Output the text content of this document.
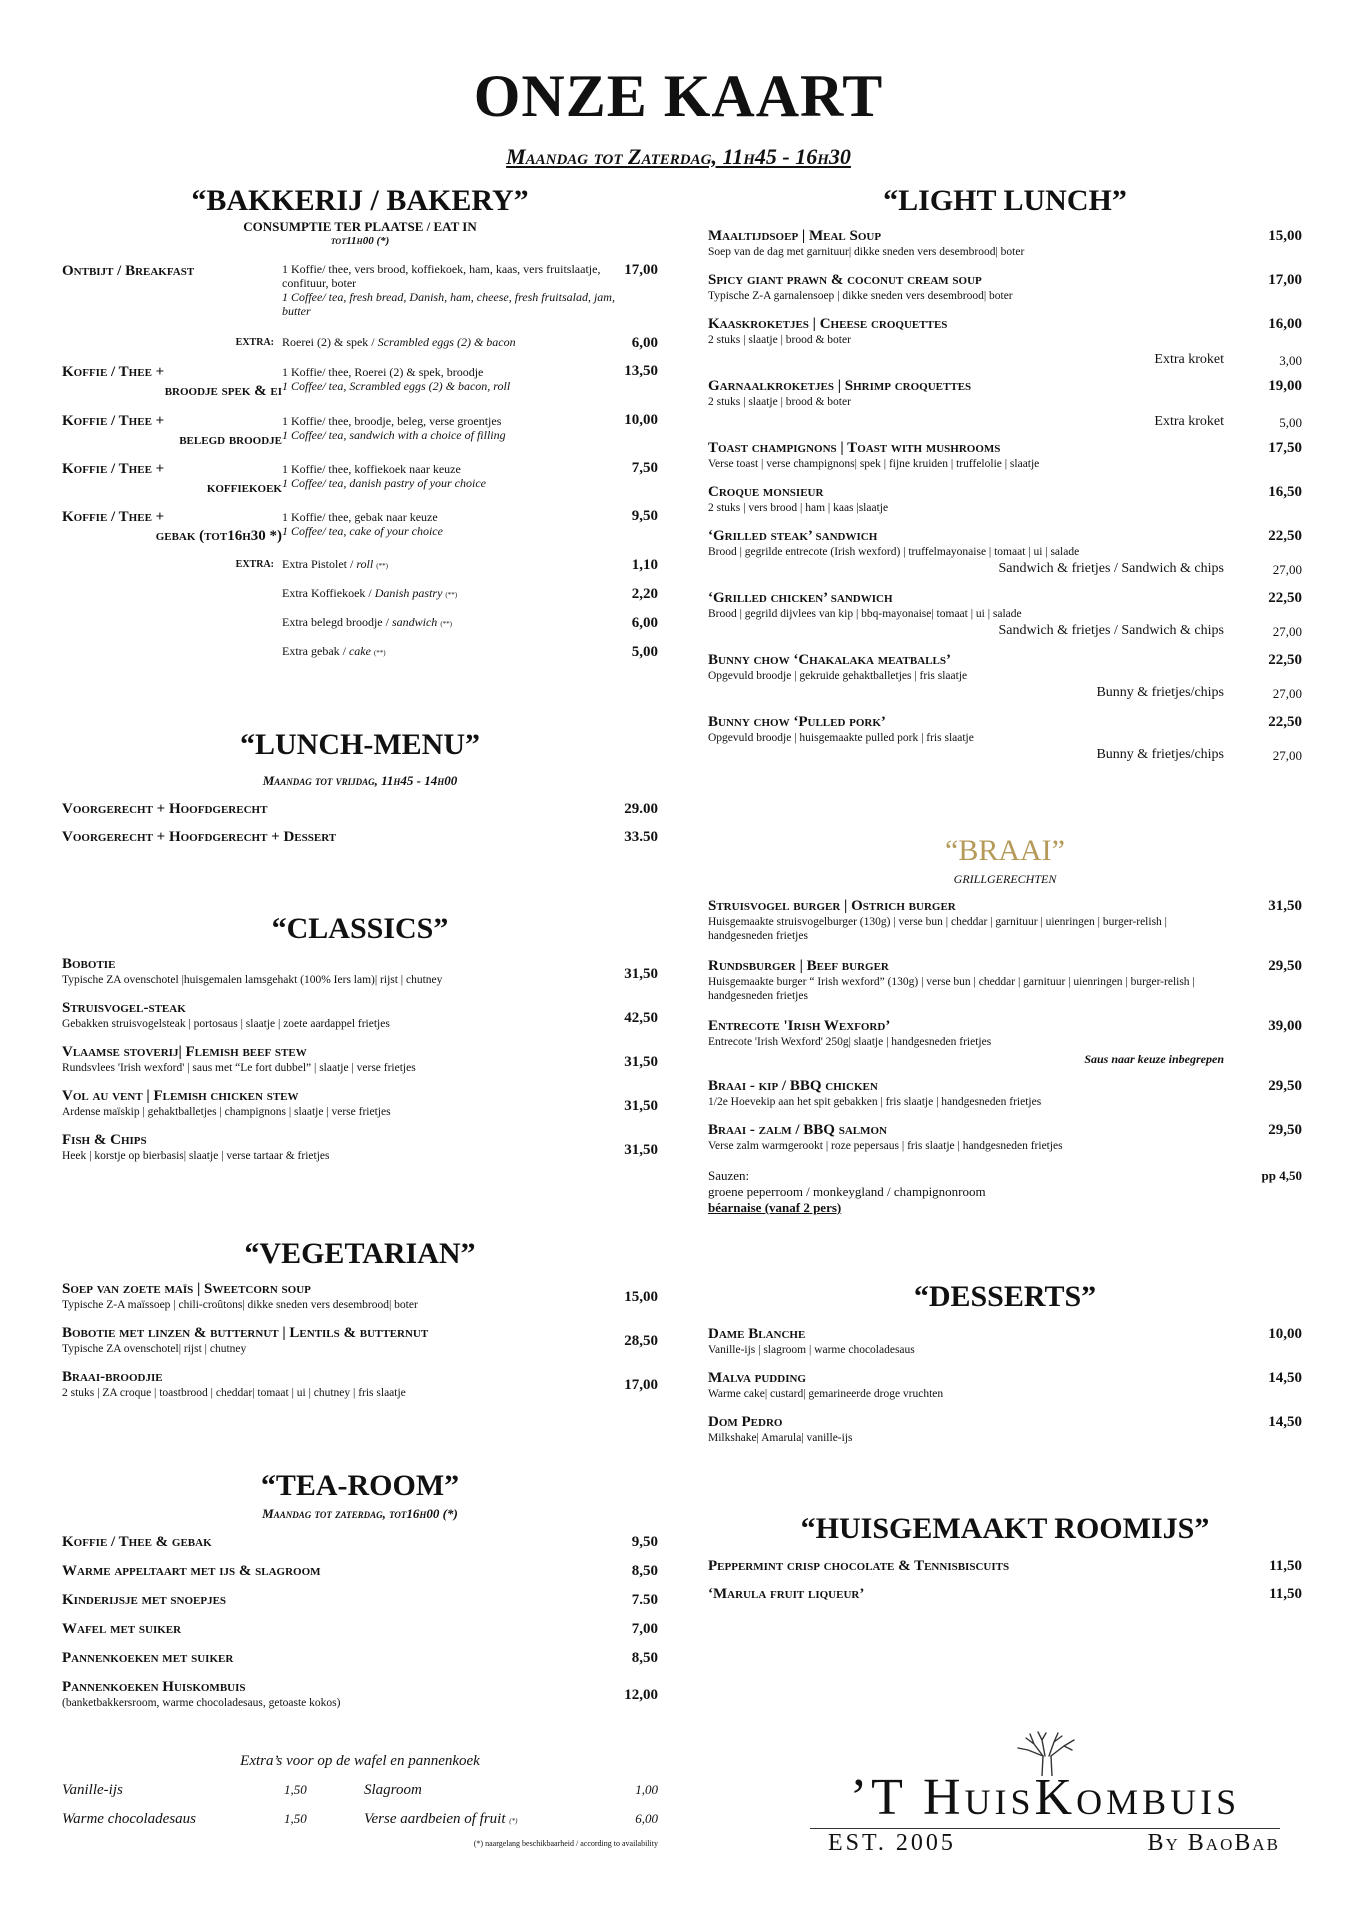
ONZE KAART
Maandag tot Zaterdag, 11h45 - 16h30
“BAKKERIJ / BAKERY”
CONSUMPTIE TER PLAATSE / EAT IN
tot11h00 (*)
Ontbijt / Breakfast	1 Koffie/ thee, vers brood, koffiekoek, ham, kaas, vers fruitslaatje, confituur, boter
1 Coffee/ tea, fresh bread, Danish, ham, cheese, fresh fruitsalad, jam, butter
17,00
EXTRA: Roerei (2) & spek / Scrambled eggs (2) & bacon	6,00
Koffie / Thee +
broodje spek & ei
1 Koffie/ thee, Roerei (2) & spek, broodje
1 Coffee/ tea, Scrambled eggs (2) & bacon, roll
13,50
Koffie / Thee +
belegd broodje
1 Koffie/ thee, broodje, beleg, verse groentjes
1 Coffee/ tea, sandwich with a choice of filling
10,00
Koffie / Thee +
koffiekoek
1 Koffie/ thee, koffiekoek naar keuze
1 Coffee/ tea, danish pastry of your choice
7,50
Koffie / Thee +
gebak (tot16h30 *)
1 Koffie/ thee, gebak naar keuze
1 Coffee/ tea, cake of your choice
9,50
EXTRA: Extra Pistolet / roll (**)	1,10
Extra Koffiekoek / Danish pastry (**)	2,20
Extra belegd broodje / sandwich (**)	6,00
Extra gebak / cake (**)	5,00
“LUNCH-MENU”
Maandag tot vrijdag, 11h45 - 14h00
Voorgerecht + Hoofdgerecht	29.00
Voorgerecht + Hoofdgerecht + Dessert	33.50
“CLASSICS”
Bobotie
Typische ZA ovenschotel |huisgemalen lamsgehakt (100% Iers lam)| rijst | chutney	31,50
Struisvogel-steak
Gebakken struisvogelsteak | portosaus | slaatje | zoete aardappel frietjes	42,50
Vlaamse stoverij| Flemish beef stew
Rundsvlees 'Irish wexford' | saus met “Le fort dubbel” | slaatje | verse frietjes	31,50
Vol au vent | Flemish chicken stew
Ardense maïskip | gehaktballetjes | champignons | slaatje | verse frietjes	31,50
Fish & Chips
Heek | korstje op bierbasis| slaatje | verse tartaar & frietjes	31,50
“VEGETARIAN”
Soep van zoete maïs | Sweetcorn soup
Typische Z-A maïssoep | chili-croûtons| dikke sneden vers desembrood| boter	15,00
Bobotie met linzen & butternut | Lentils & butternut
Typische ZA ovenschotel| rijst | chutney	28,50
Braai-broodjie
2 stuks | ZA croque | toastbrood | cheddar| tomaat | ui | chutney | fris slaatje	17,00
“TEA-ROOM”
Maandag tot zaterdag, tot16h00 (*)
Koffie / Thee & gebak	9,50
Warme appeltaart met ijs & slagroom	8,50
Kinderijsje met snoepjes	7.50
Wafel met suiker	7,00
Pannenkoeken met suiker	8,50
Pannenkoeken Huiskombuis
(banketbakkersroom, warme chocoladesaus, getoaste kokos)	12,00
Extra’s voor op de wafel en pannenkoek
Vanille-ijs	1,50	Slagroom	1,00
Warme chocoladesaus	1,50	Verse aardbeien of fruit (*)	6,00
(*) naargelang beschikbaarheid / according to availability
“LIGHT LUNCH”
Maaltijdsoep | Meal Soup
Soep van de dag met garnituur| dikke sneden vers desembrood| boter
15,00
Spicy giant prawn & coconut cream soup
Typische Z-A garnalensoep | dikke sneden vers desembrood| boter
17,00
Kaaskroketjes | Cheese croquettes
2 stuks | slaatje | brood & boter
16,00
Extra kroket	3,00
Garnaalkroketjes | Shrimp croquettes
2 stuks | slaatje | brood & boter
19,00
Extra kroket	5,00
Toast champignons | Toast with mushrooms
Verse toast | verse champignons| spek | fijne kruiden | truffelolie | slaatje
17,50
Croque monsieur
2 stuks | vers brood | ham | kaas |slaatje
16,50
‘Grilled steak’ sandwich
Brood | gegrilde entrecote (Irish wexford) | truffelmayonaise | tomaat | ui | salade
22,50
Sandwich & frietjes / Sandwich & chips	27,00
‘Grilled chicken’ sandwich
Brood | gegrild dijvlees van kip | bbq-mayonaise| tomaat | ui | salade
22,50
Sandwich & frietjes / Sandwich & chips	27,00
Bunny chow ‘Chakalaka meatballs’
Opgevuld broodje | gekruide gehaktballetjes | fris slaatje
22,50
Bunny & frietjes/chips	27,00
Bunny chow ‘Pulled pork’
Opgevuld broodje | huisgemaakte pulled pork | fris slaatje
22,50
Bunny & frietjes/chips	27,00
“BRAAI”
GRILLGERECHTEN
Struisvogel burger | Ostrich burger
Huisgemaakte struisvogelburger (130g) | verse bun | cheddar | garnituur | uienringen | burger-relish | handgesneden frietjes
31,50
Rundsburger | Beef burger
Huisgemaakte burger “ Irish wexford” (130g) | verse bun | cheddar | garnituur | uienringen | burger-relish | handgesneden frietjes
29,50
Entrecote 'Irish Wexford’
Entrecote 'Irish Wexford' 250g| slaatje | handgesneden frietjes
39,00
Saus naar keuze inbegrepen
Braai - kip / BBQ chicken
1/2e Hoevekip aan het spit gebakken | fris slaatje | handgesneden frietjes
29,50
Braai - zalm / BBQ salmon
Verse zalm warmgerookt | roze pepersaus | fris slaatje | handgesneden frietjes
29,50
Sauzen:
groene peperroom / monkeygland / champignonroom
béarnaise (vanaf 2 pers)
pp 4,50
“DESSERTS”
Dame Blanche
Vanille-ijs | slagroom | warme chocoladesaus
10,00
Malva pudding
Warme cake| custard| gemarineerde droge vruchten
14,50
Dom Pedro
Milkshake| Amarula| vanille-ijs
14,50
“HUISGEMAAKT ROOMIJS”
Peppermint crisp chocolate & Tennisbiscuits	11,50
‘Marula fruit liqueur’	11,50
’T HuisKombuis
EST. 2005	By BaoBab
